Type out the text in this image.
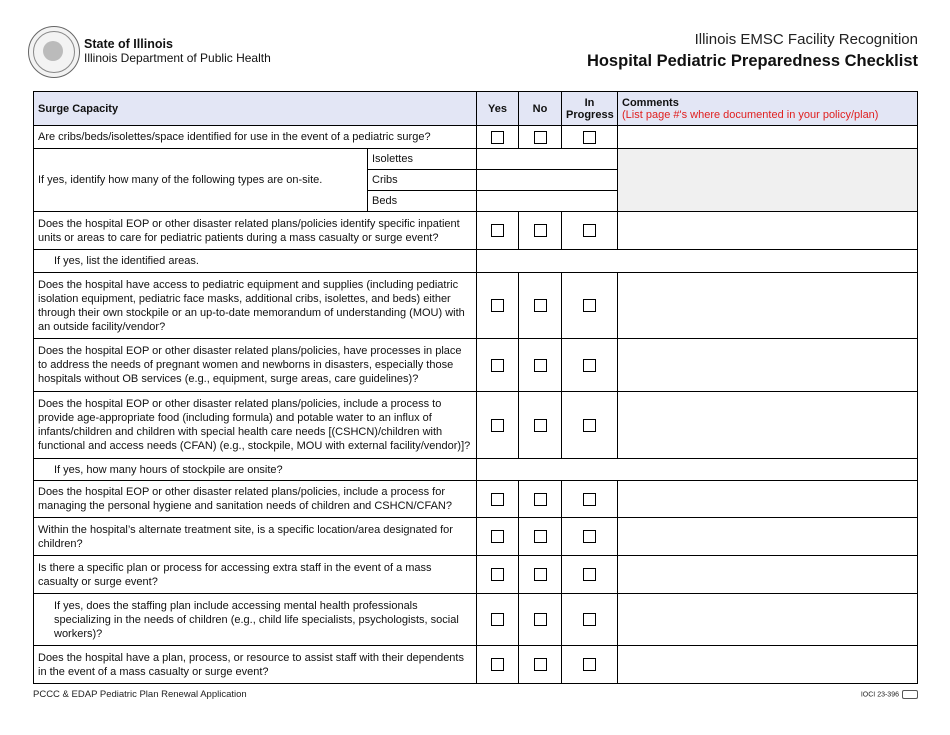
State of Illinois
Illinois Department of Public Health
Illinois EMSC Facility Recognition
Hospital Pediatric Preparedness Checklist
Surge Capacity		Yes	No	In Progress	Comments
(List page #'s where documented in your policy/plan)

Are cribs/beds/isolettes/space identified for use in the event of a pediatric surge?					
If yes, identify how many of the following types are on-site.	Isolettes				
	Cribs				
	Beds				
Does the hospital EOP or other disaster related plans/policies identify specific inpatient units or areas to care for pediatric patients during a mass casualty or surge event?					
If yes, list the identified areas.					
Does the hospital have access to pediatric equipment and supplies (including pediatric isolation equipment, pediatric face masks, additional cribs, isolettes, and beds) either through their own stockpile or an up-to-date memorandum of understanding (MOU) with an outside facility/vendor?					
Does the hospital EOP or other disaster related plans/policies, have processes in place to address the needs of pregnant women and newborns in disasters, especially those hospitals without OB services (e.g., equipment, surge areas, care guidelines)?					
Does the hospital EOP or other disaster related plans/policies, include a process to provide age-appropriate food (including formula) and potable water to an influx of infants/children and children with special health care needs [(CSHCN)/children with functional and access needs (CFAN) (e.g., stockpile, MOU with external facility/vendor)]?					
If yes, how many hours of stockpile are onsite?					
Does the hospital EOP or other disaster related plans/policies, include a process for managing the personal hygiene and sanitation needs of children and CSHCN/CFAN?					
Within the hospital’s alternate treatment site, is a specific location/area designated for children?					
Is there a specific plan or process for accessing extra staff in the event of a mass casualty or surge event?					
If yes, does the staffing plan include accessing mental health professionals specializing in the needs of children (e.g., child life specialists, psychologists, social workers)?					
Does the hospital have a plan, process, or resource to assist staff with their dependents in the event of a mass casualty or surge event?					
PCCC & EDAP Pediatric Plan Renewal Application	IOCI 23-396
